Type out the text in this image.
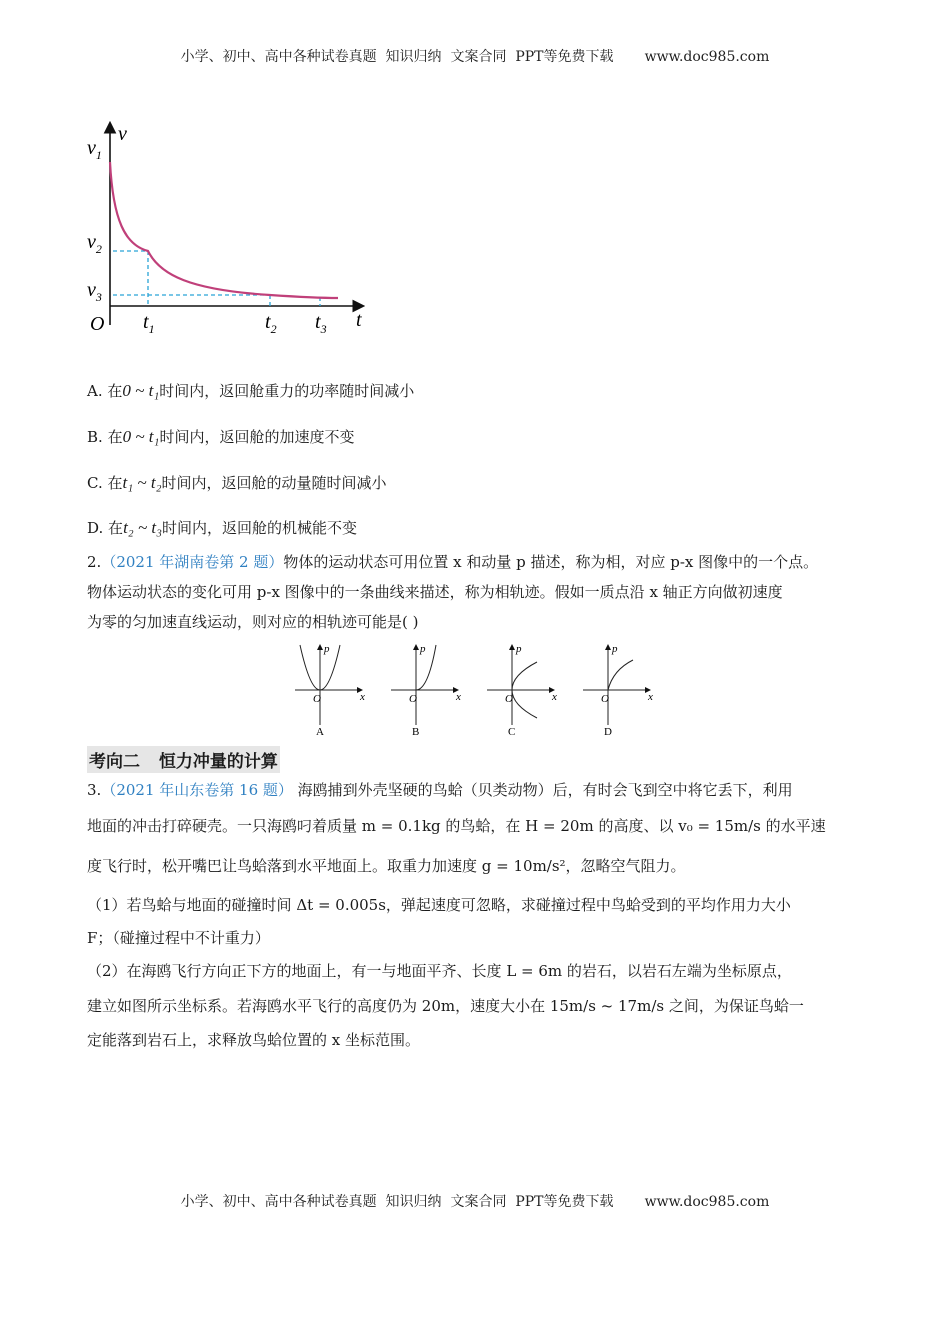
小学、初中、高中各种试卷真题  知识归纳  文案合同  PPT等免费下载       www.doc985.com
v
t
O
$v_1$
$v_2$
$v_3$
$t_1$	$t_2$ $t_3$
A. 在0 ~ t₁时间内，返回舱重力的功率随时间减小
B. 在0 ~ t₁时间内，返回舱的加速度不变
C. 在t₁ ~ t₂时间内，返回舱的动量随时间减小
D. 在t₂ ~ t₃时间内，返回舱的机械能不变
2.（2021 年湖南卷第 2 题）物体的运动状态可用位置 x 和动量 p 描述，称为相，对应 p-x 图像中的一个点。
物体运动状态的变化可用 p-x 图像中的一条曲线来描述，称为相轨迹。假如一质点沿 x 轴正方向做初速度
为零的匀加速直线运动，则对应的相轨迹可能是( )
p
x
O
A
p
x
O
B
p
x
O
C
p
x
O
D
考向二    恒力冲量的计算
3.（2021 年山东卷第 16 题） 海鸥捕到外壳坚硬的鸟蛤（贝类动物）后，有时会飞到空中将它丢下，利用
地面的冲击打碎硬壳。一只海鸥叼着质量 m = 0.1kg 的鸟蛤，在 H = 20m 的高度、以 v₀ = 15m/s 的水平速
度飞行时，松开嘴巴让鸟蛤落到水平地面上。取重力加速度 g = 10m/s²，忽略空气阻力。
（1）若鸟蛤与地面的碰撞时间 Δt = 0.005s，弹起速度可忽略，求碰撞过程中鸟蛤受到的平均作用力大小
F；（碰撞过程中不计重力）
（2）在海鸥飞行方向正下方的地面上，有一与地面平齐、长度 L = 6m 的岩石，以岩石左端为坐标原点，
建立如图所示坐标系。若海鸥水平飞行的高度仍为 20m，速度大小在 15m/s ~ 17m/s 之间，为保证鸟蛤一
定能落到岩石上，求释放鸟蛤位置的 x 坐标范围。
小学、初中、高中各种试卷真题  知识归纳  文案合同  PPT等免费下载       www.doc985.com
